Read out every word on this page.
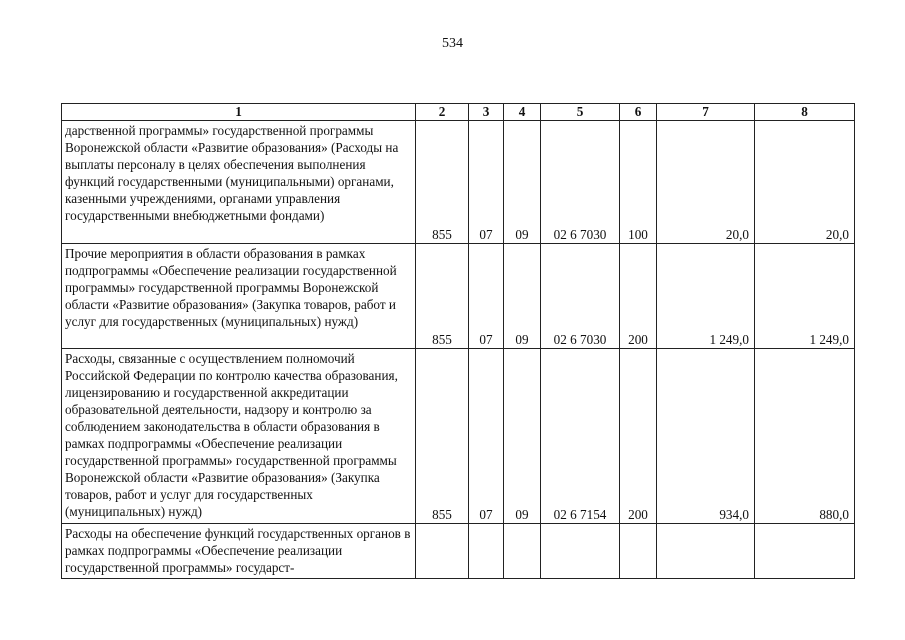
534
1	2	3	4	5	6	7	8
дарственной программы» государственной программы Воронежской области «Развитие образования» (Расходы на выплаты персоналу в целях обеспечения выполнения функций государственными (муниципальными) органами, казенными учреждениями, органами управления государственными внебюджетными фондами)	855	07	09	02 6 7030	100	20,0	20,0
Прочие мероприятия в области образования в рамках подпрограммы «Обеспечение реализации государственной программы» государственной программы Воронежской области «Развитие образования» (Закупка товаров, работ и услуг для государственных (муниципальных) нужд)	855	07	09	02 6 7030	200	1 249,0	1 249,0
Расходы, связанные с осуществлением полномочий Российской Федерации по контролю качества образования, лицензированию и государственной аккредитации образовательной деятельности, надзору и контролю за соблюдением законодательства в области образования в рамках подпрограммы «Обеспечение реализации государственной программы» государственной программы Воронежской области «Развитие образования» (Закупка товаров, работ и услуг для государственных (муниципальных) нужд)	855	07	09	02 6 7154	200	934,0	880,0
Расходы на обеспечение функций государственных органов в рамках подпрограммы «Обеспечение реализации государственной программы» государст-							
